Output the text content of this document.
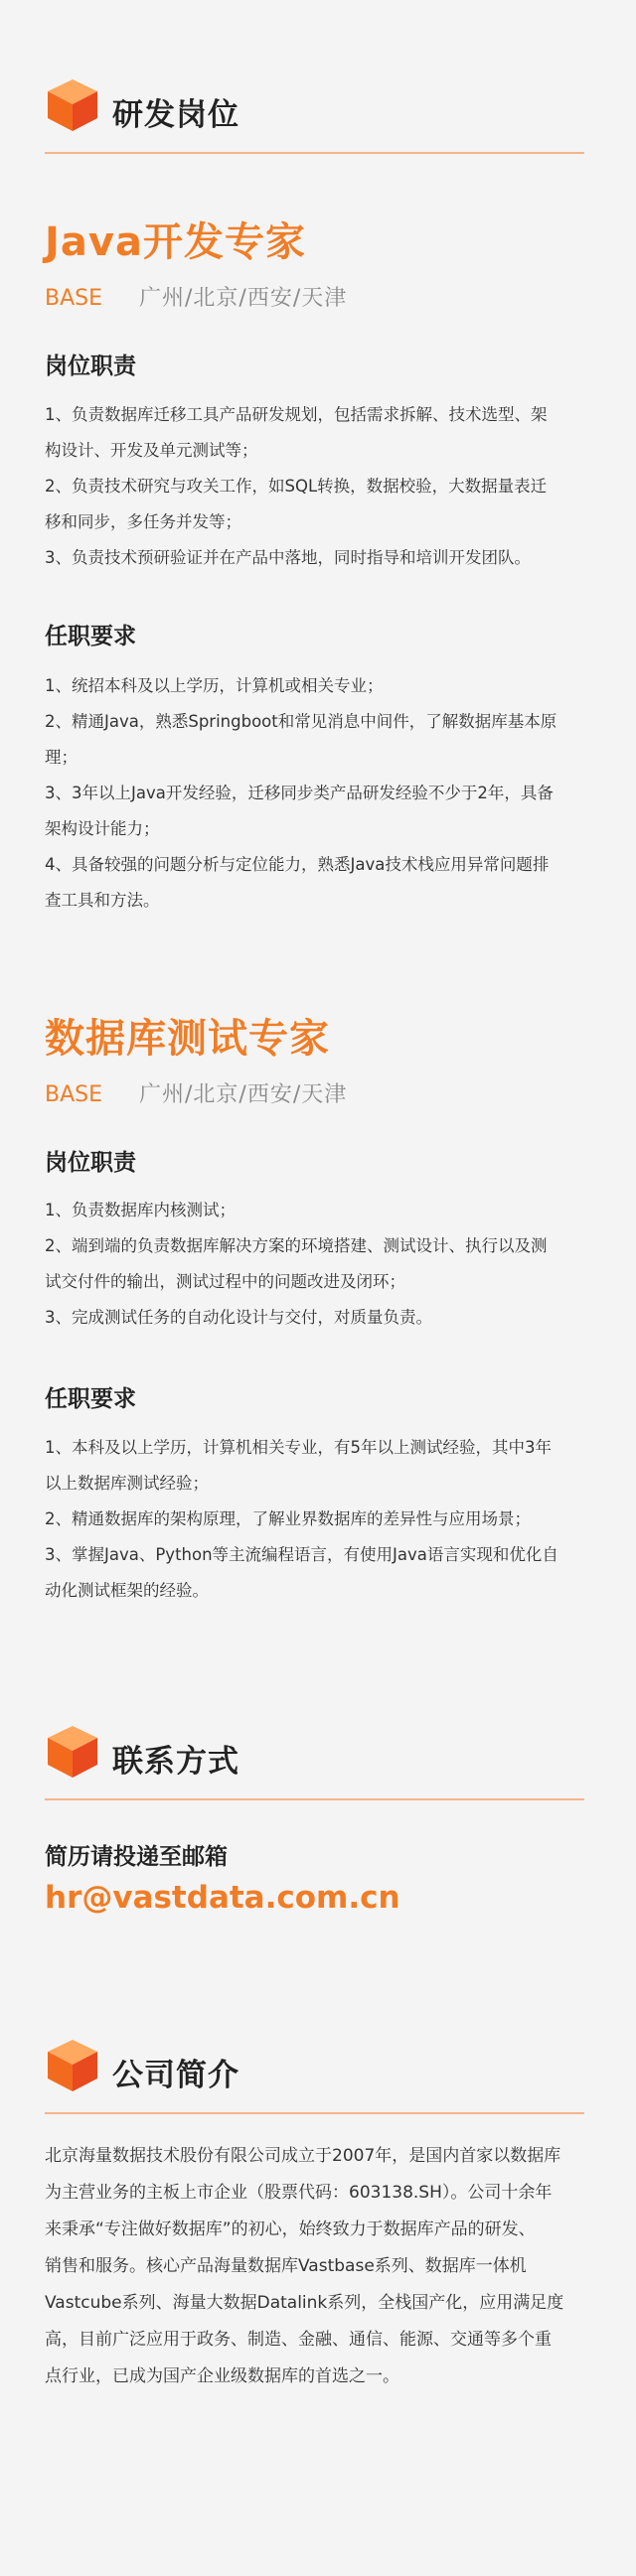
研发岗位
Java开发专家
BASE 广州/北京/西安/天津
岗位职责
1、负责数据库迁移工具产品研发规划，包括需求拆解、技术选型、架
构设计、开发及单元测试等；
2、负责技术研究与攻关工作，如SQL转换，数据校验，大数据量表迁
移和同步，多任务并发等；
3、负责技术预研验证并在产品中落地，同时指导和培训开发团队。
任职要求
1、统招本科及以上学历，计算机或相关专业；
2、精通Java，熟悉Springboot和常见消息中间件，了解数据库基本原
理；
3、3年以上Java开发经验，迁移同步类产品研发经验不少于2年，具备
架构设计能力；
4、具备较强的问题分析与定位能力，熟悉Java技术栈应用异常问题排
查工具和方法。
数据库测试专家
BASE 广州/北京/西安/天津
岗位职责
1、负责数据库内核测试；
2、端到端的负责数据库解决方案的环境搭建、测试设计、执行以及测
试交付件的输出，测试过程中的问题改进及闭环；
3、完成测试任务的自动化设计与交付，对质量负责。
任职要求
1、本科及以上学历，计算机相关专业，有5年以上测试经验，其中3年
以上数据库测试经验；
2、精通数据库的架构原理，了解业界数据库的差异性与应用场景；
3、掌握Java、Python等主流编程语言，有使用Java语言实现和优化自
动化测试框架的经验。
联系方式
简历请投递至邮箱
hr@vastdata.com.cn
公司简介
北京海量数据技术股份有限公司成立于2007年，是国内首家以数据库
为主营业务的主板上市企业（股票代码：603138.SH）。公司十余年
来秉承“专注做好数据库”的初心，始终致力于数据库产品的研发、
销售和服务。核心产品海量数据库Vastbase系列、数据库一体机
Vastcube系列、海量大数据Datalink系列，全栈国产化，应用满足度
高，目前广泛应用于政务、制造、金融、通信、能源、交通等多个重
点行业，已成为国产企业级数据库的首选之一。
